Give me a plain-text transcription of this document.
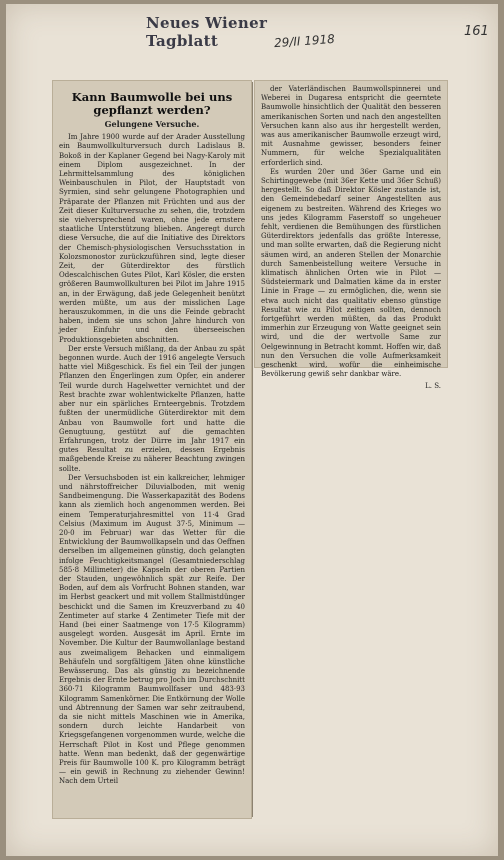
Neues Wiener Tagblatt	29/II 1918
161
Kann Baumwolle bei uns gepflanzt werden?
Gelungene Versuche.

Im Jahre 1900 wurde auf der Arader Ausstellung ein Baumwollkulturversuch durch Ladislaus B. Bokoß in der Kaplaner Gegend bei Nagy-Karoly mit einem Diplom ausgezeichnet. In der Lehrmittelsammlung des königlichen Weinbauschulen in Pilot, der Hauptstadt von Syrmien, sind sehr gelungene Photographien und Präparate der Pflanzen mit Früchten und aus der Zeit dieser Kulturversuche zu sehen, die, trotzdem sie vielversprechend waren, ohne jede ernstere staatliche Unterstützung blieben. Angeregt durch diese Versuche, die auf die Initiative des Direktors der Chemisch-physiologischen Versuchsstation in Kolozsmonostor zurückzuführen sind, legte dieser Zeit, der Güterdirektor des fürstlich Odescalchischen Gutes Pilot, Karl Kösler, die ersten größeren Baumwollkulturen bei Pilot im Jahre 1915 an, in der Erwägung, daß jede Gelegenheit benützt werden müßte, um aus der misslichen Lage herauszukommen, in die uns die Feinde gebracht haben, indem sie uns schon Jahre hindurch von jeder Einfuhr und den überseeischen Produktionsgebieten abschnitten.

Der erste Versuch mißlang, da der Anbau zu spät begonnen wurde. Auch der 1916 angelegte Versuch hatte viel Mißgeschick. Es fiel ein Teil der jungen Pflanzen den Engerlingen zum Opfer, ein anderer Teil wurde durch Hagelwetter vernichtet und der Rest brachte zwar wohlentwickelte Pflanzen, hatte aber nur ein spärliches Ernteergebnis. Trotzdem fußten der unermüdliche Güterdirektor mit dem Anbau von Baumwolle fort und hatte die Genugtuung, gestützt auf die gemachten Erfahrungen, trotz der Dürre im Jahr 1917 ein gutes Resultat zu erzielen, dessen Ergebnis maßgebende Kreise zu näherer Beachtung zwingen sollte.

Der Versuchsboden ist ein kalkreicher, lehmiger und nährstoffreicher Diluvialboden, mit wenig Sandbeimengung. Die Wasserkapazität des Bodens kann als ziemlich hoch angenommen werden. Bei einem Temperaturjahresmittel von 11·4 Grad Celsius (Maximum im August 37·5, Minimum — 20·0 im Februar) war das Wetter für die Entwicklung der Baumwollkapseln und das Oeffnen derselben im allgemeinen günstig, doch gelangten infolge Feuchtigkeitsmangel (Gesamtniederschlag 585·8 Millimeter) die Kapseln der oberen Partien der Stauden, ungewöhnlich spät zur Reife. Der Boden, auf dem als Vorfrucht Bohnen standen, war im Herbst geackert und mit vollem Stallmistdünger beschickt und die Samen im Kreuzverband zu 40 Zentimeter auf starke 4 Zentimeter Tiefe mit der Hand (bei einer Saatmenge von 17·5 Kilogramm) ausgelegt worden. Ausgesät im April. Ernte im November. Die Kultur der Baumwollanlage bestand aus zweimaligem Behacken und einmaligem Behäufeln und sorgfältigem Jäten ohne künstliche Bewässerung. Das als günstig zu bezeichnende Ergebnis der Ernte betrug pro Joch im Durchschnitt 360·71 Kilogramm Baumwollfaser und 483·93 Kilogramm Samenkörner. Die Entkörnung der Wolle und Abtrennung der Samen war sehr zeitraubend, da sie nicht mittels Maschinen wie in Amerika, sondern durch leichte Handarbeit von Kriegsgefangenen vorgenommen wurde, welche die Herrschaft Pilot in Kost und Pflege genommen hatte. Wenn man bedenkt, daß der gegenwärtige Preis für Baumwolle 100 K. pro Kilogramm beträgt — ein gewiß in Rechnung zu ziehender Gewinn! Nach dem Urteil

der Vaterländischen Baumwollspinnerei und Weberei in Dugaresa entspricht die geerntete Baumwolle hinsichtlich der Qualität den besseren amerikanischen Sorten und nach den angestellten Versuchen kann also aus ihr hergestellt werden, was aus amerikanischer Baumwolle erzeugt wird, mit Ausnahme gewisser, besonders feiner Nummern, für welche Spezialqualitäten erforderlich sind.

Es wurden 20er und 36er Garne und ein Schirtinggewebe (mit 36er Kette und 36er Schuß) hergestellt. So daß Direktor Kösler zustande ist, den Gemeindebedarf seiner Angestellten aus eigenem zu bestreiten. Während des Krieges wo uns jedes Kilogramm Faserstoff so ungeheuer fehlt, verdienen die Bemühungen des fürstlichen Güterdirektors jedenfalls das größte Interesse, und man sollte erwarten, daß die Regierung nicht säumen wird, an anderen Stellen der Monarchie durch Samenbeistellung weitere Versuche in klimatisch ähnlichen Orten wie in Pilot — Südsteiermark und Dalmatien käme da in erster Linie in Frage — zu ermöglichen, die, wenn sie etwa auch nicht das qualitativ ebenso günstige Resultat wie zu Pilot zeitigen sollten, dennoch fortgeführt werden müßten, da das Produkt immerhin zur Erzeugung von Watte geeignet sein wird, und die der wertvolle Same zur Oelgewinnung in Betracht kommt. Hoffen wir, daß nun den Versuchen die volle Aufmerksamkeit geschenkt wird, wofür die einheimische Bevölkerung gewiß sehr dankbar wäre.

L. S.
